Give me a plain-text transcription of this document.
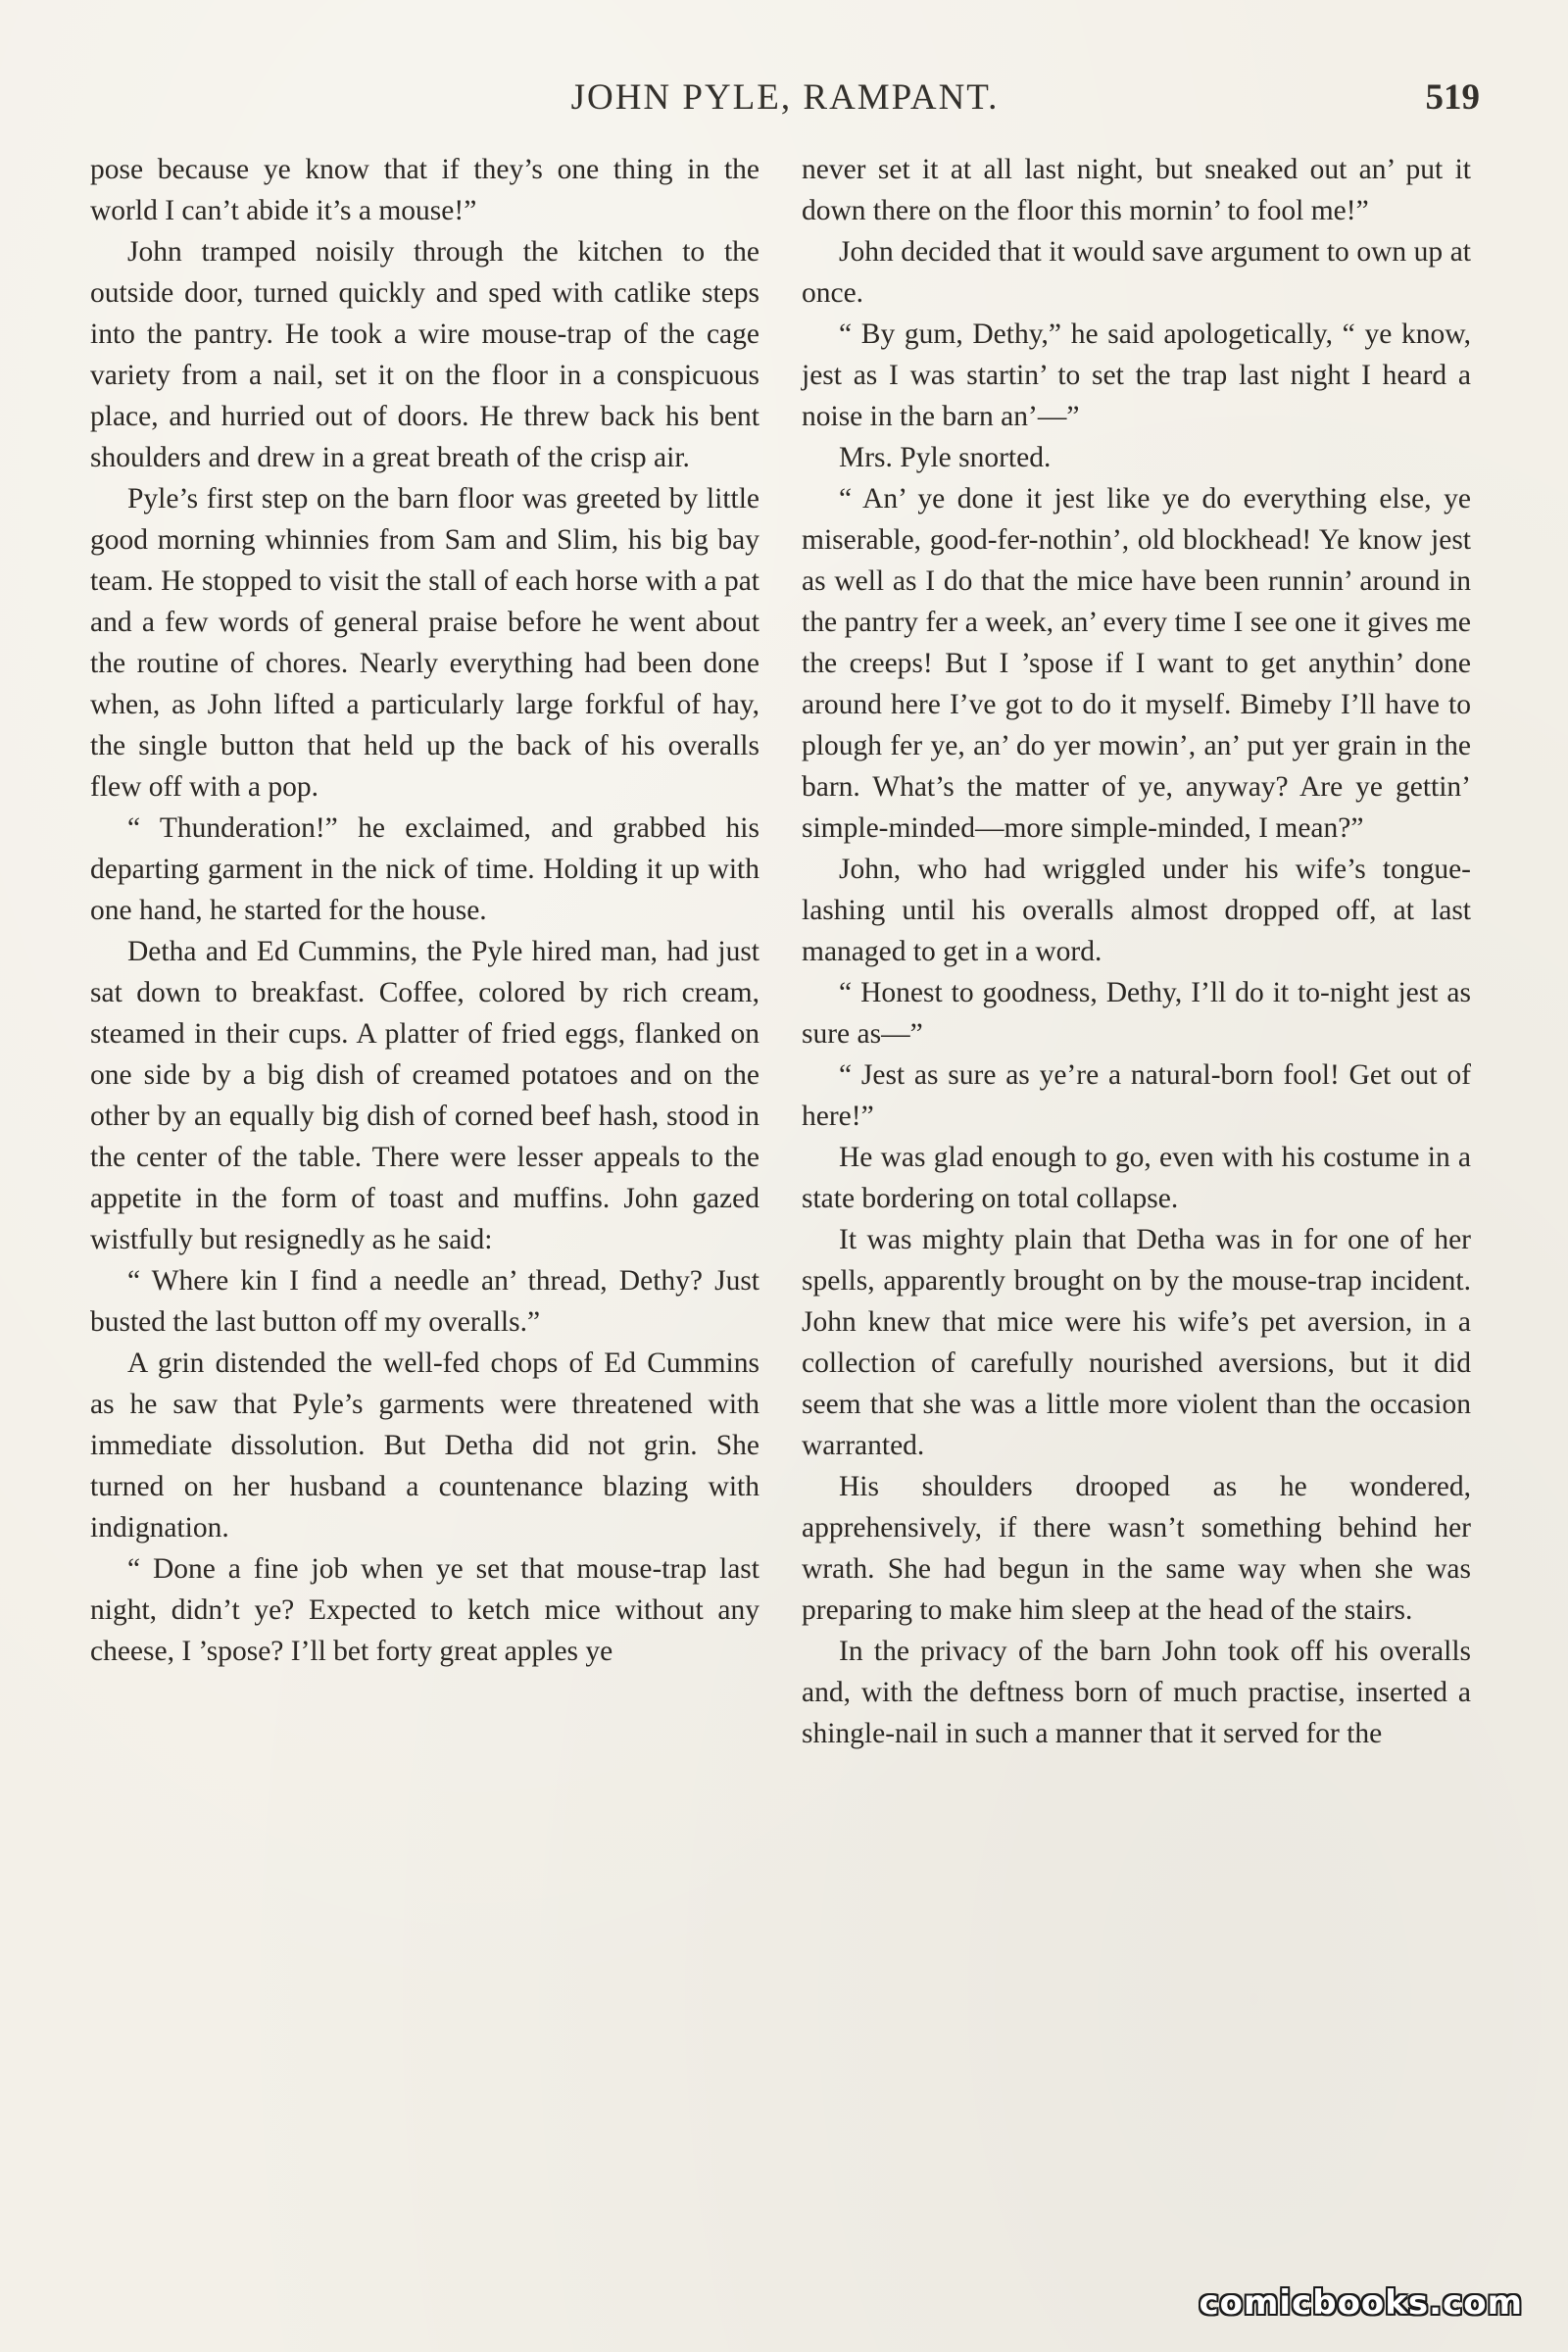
JOHN PYLE, RAMPANT.	519

pose because ye know that if they’s one thing in the world I can’t abide it’s a mouse!”

John tramped noisily through the kitchen to the outside door, turned quickly and sped with catlike steps into the pantry. He took a wire mouse-trap of the cage variety from a nail, set it on the floor in a conspicuous place, and hurried out of doors. He threw back his bent shoulders and drew in a great breath of the crisp air.

Pyle’s first step on the barn floor was greeted by little good morning whinnies from Sam and Slim, his big bay team. He stopped to visit the stall of each horse with a pat and a few words of general praise before he went about the routine of chores. Nearly everything had been done when, as John lifted a particularly large forkful of hay, the single button that held up the back of his overalls flew off with a pop.

“ Thunderation!” he exclaimed, and grabbed his departing garment in the nick of time. Holding it up with one hand, he started for the house.

Detha and Ed Cummins, the Pyle hired man, had just sat down to breakfast. Coffee, colored by rich cream, steamed in their cups. A platter of fried eggs, flanked on one side by a big dish of creamed potatoes and on the other by an equally big dish of corned beef hash, stood in the center of the table. There were lesser appeals to the appetite in the form of toast and muffins. John gazed wistfully but resignedly as he said:

“ Where kin I find a needle an’ thread, Dethy? Just busted the last button off my overalls.”

A grin distended the well-fed chops of Ed Cummins as he saw that Pyle’s garments were threatened with immediate dissolution. But Detha did not grin. She turned on her husband a countenance blazing with indignation.

“ Done a fine job when ye set that mouse-trap last night, didn’t ye? Expected to ketch mice without any cheese, I ’spose? I’ll bet forty great apples ye

never set it at all last night, but sneaked out an’ put it down there on the floor this mornin’ to fool me!”

John decided that it would save argument to own up at once.

“ By gum, Dethy,” he said apologetically, “ ye know, jest as I was startin’ to set the trap last night I heard a noise in the barn an’—”

Mrs. Pyle snorted.

“ An’ ye done it jest like ye do everything else, ye miserable, good-fer-nothin’, old blockhead! Ye know jest as well as I do that the mice have been runnin’ around in the pantry fer a week, an’ every time I see one it gives me the creeps! But I ’spose if I want to get anythin’ done around here I’ve got to do it myself. Bimeby I’ll have to plough fer ye, an’ do yer mowin’, an’ put yer grain in the barn. What’s the matter of ye, anyway? Are ye gettin’ simple-minded—more simple-minded, I mean?”

John, who had wriggled under his wife’s tongue-lashing until his overalls almost dropped off, at last managed to get in a word.

“ Honest to goodness, Dethy, I’ll do it to-night jest as sure as—”

“ Jest as sure as ye’re a natural-born fool! Get out of here!”

He was glad enough to go, even with his costume in a state bordering on total collapse.

It was mighty plain that Detha was in for one of her spells, apparently brought on by the mouse-trap incident. John knew that mice were his wife’s pet aversion, in a collection of carefully nourished aversions, but it did seem that she was a little more violent than the occasion warranted.

His shoulders drooped as he wondered, apprehensively, if there wasn’t something behind her wrath. She had begun in the same way when she was preparing to make him sleep at the head of the stairs.

In the privacy of the barn John took off his overalls and, with the deftness born of much practise, inserted a shingle-nail in such a manner that it served for the

comicbooks.com
